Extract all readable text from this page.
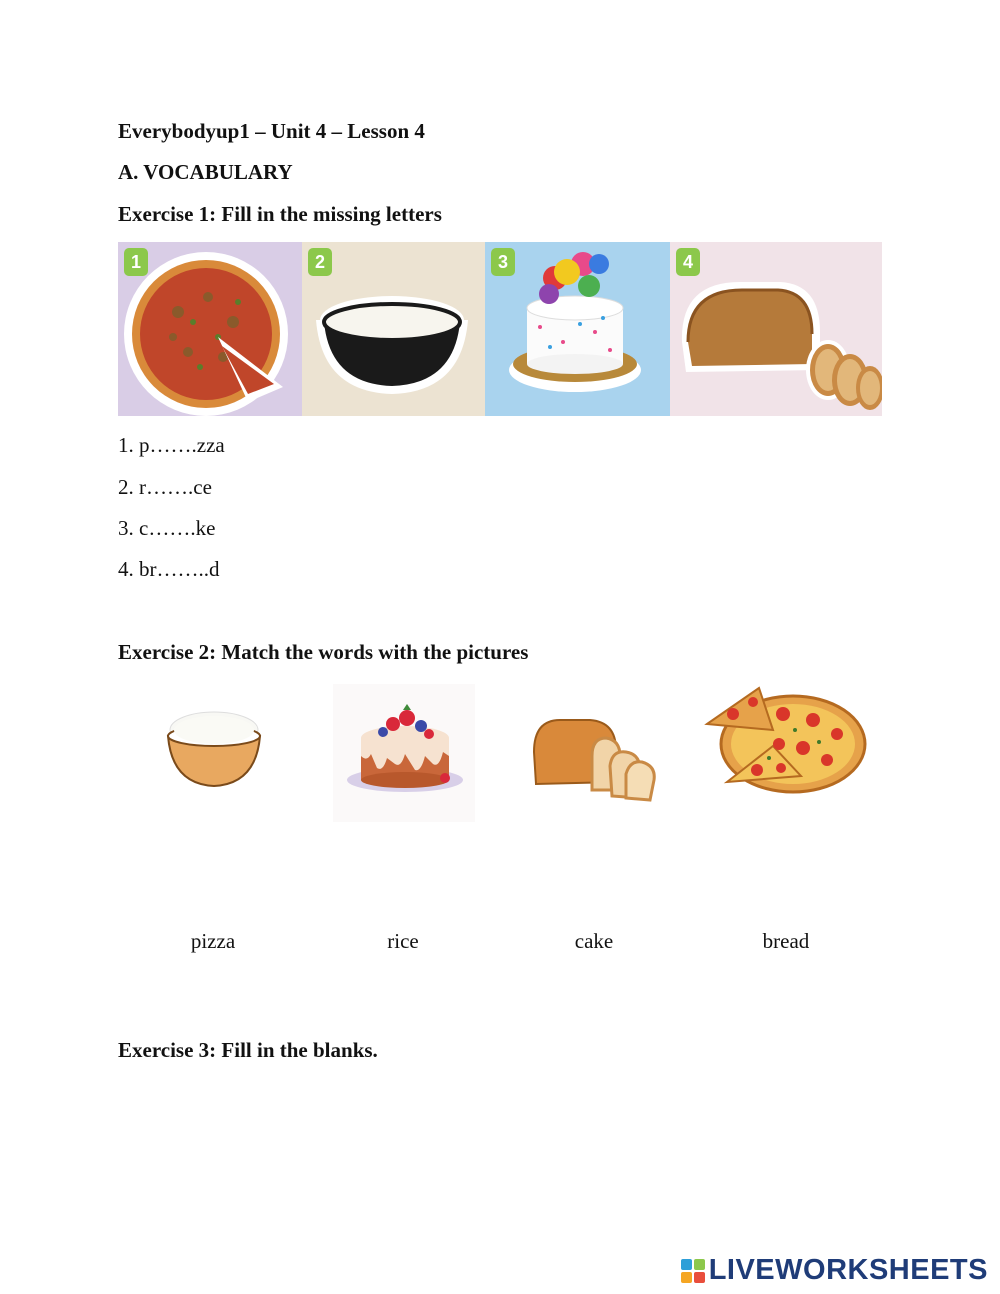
Everybodyup1 – Unit 4 – Lesson 4
A. VOCABULARY
Exercise 1: Fill in the missing letters
1	2	3	4
1. p…….zza
2. r…….ce
3. c…….ke
4. br……..d
Exercise 2: Match the words with the pictures
pizza	rice	cake	bread
Exercise 3: Fill in the blanks.
LIVEWORKSHEETS
